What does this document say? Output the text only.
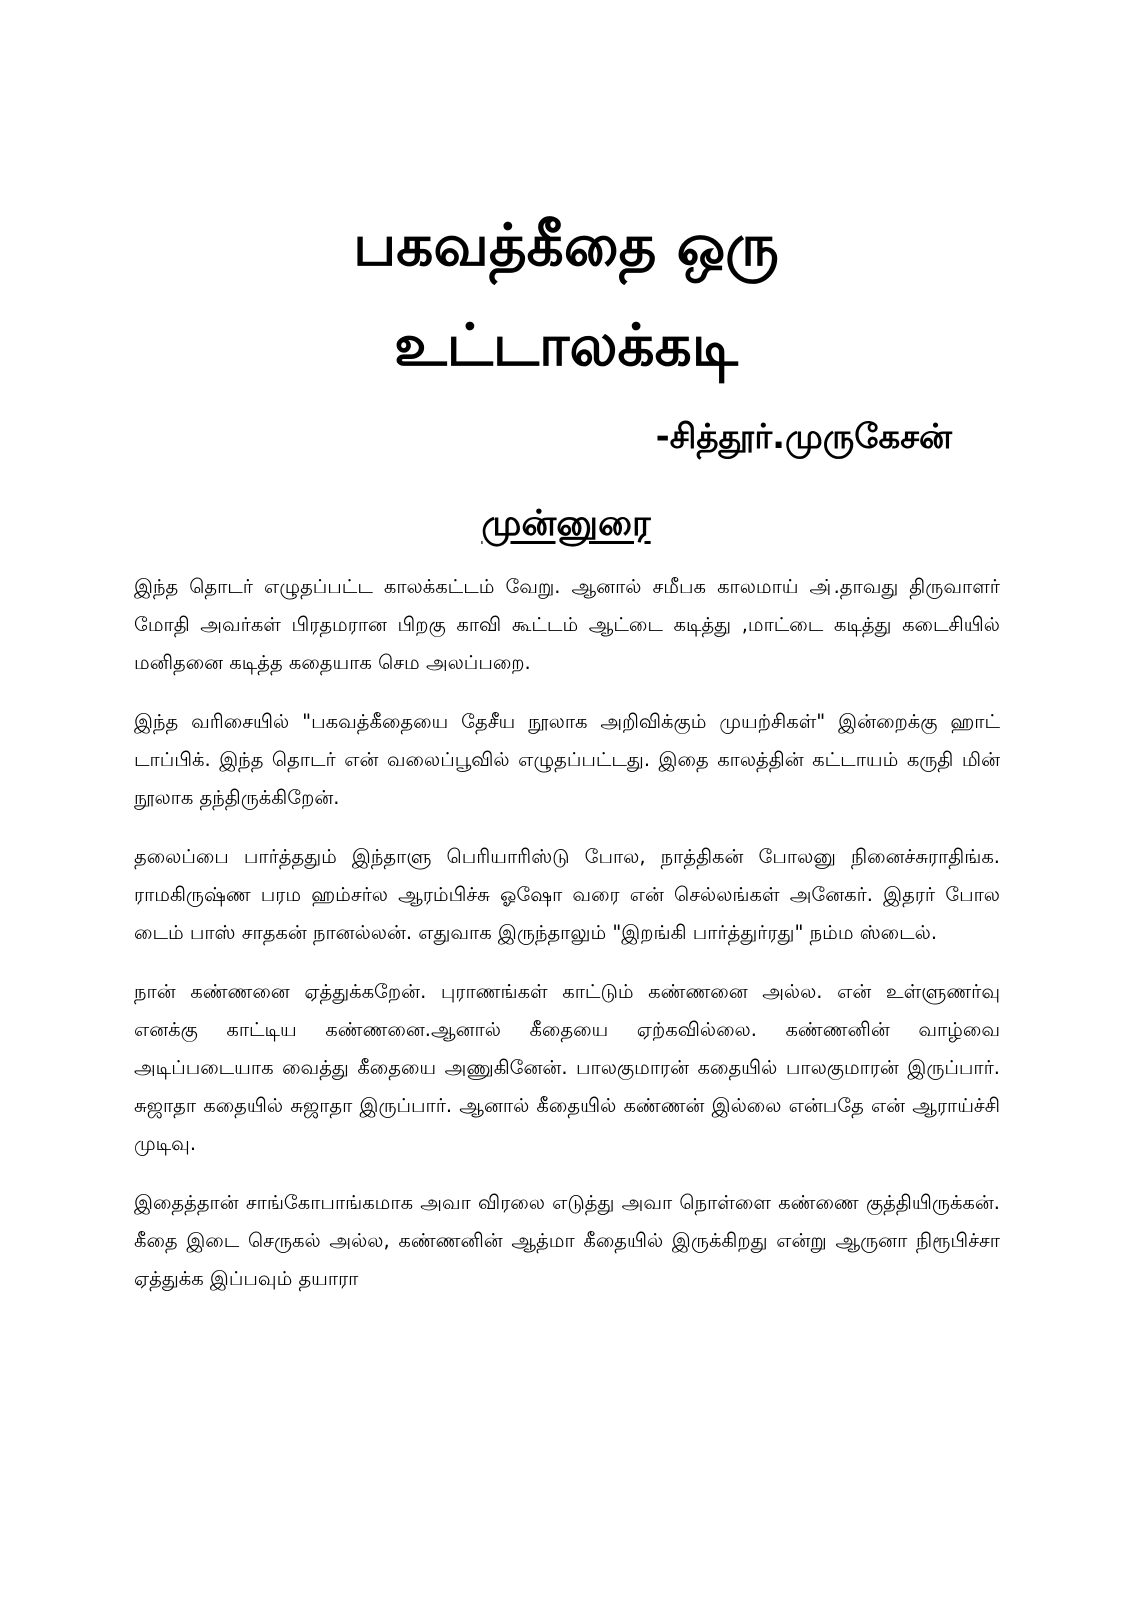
பகவத்கீதை ஒரு
உட்டாலக்கடி

-சித்தூர்.முருகேசன்

முன்னுரை

இந்த தொடர் எழுதப்பட்ட காலக்கட்டம் வேறு. ஆனால் சமீபக காலமாய் அ்.தாவது திருவாளர் மோதி அவர்கள் பிரதமரான பிறகு காவி கூட்டம் ஆட்டை கடித்து ,மாட்டை கடித்து கடைசியில் மனிதனை கடித்த கதையாக செம அலப்பறை.

இந்த வரிசையில் "பகவத்கீதையை தேசீய நூலாக அறிவிக்கும் முயற்சிகள்" இன்றைக்கு ஹாட் டாப்பிக். இந்த தொடர் என் வலைப்பூவில் எழுதப்பட்டது. இதை காலத்தின் கட்டாயம் கருதி மின் நூலாக தந்திருக்கிறேன்.

தலைப்பை பார்த்ததும் இந்தாளு பெரியாரிஸ்டு போல, நாத்திகன் போலனு நினைச்சுராதிங்க. ராமகிருஷ்ண பரம ஹம்சர்ல ஆரம்பிச்சு ஓஷோ வரை என் செல்லங்கள் அனேகர். இதரர் போல டைம் பாஸ் சாதகன் நானல்லன். எதுவாக இருந்தாலும் "இறங்கி பார்த்துர்ரது" நம்ம ஸ்டைல்.

நான் கண்ணனை ஏத்துக்கறேன். புராணங்கள் காட்டும் கண்ணனை அல்ல. என் உள்ளுணர்வு எனக்கு காட்டிய கண்ணனை.ஆனால் கீதையை ஏற்கவில்லை. கண்ணனின் வாழ்வை அடிப்படையாக வைத்து கீதையை அணுகினேன். பாலகுமாரன் கதையில் பாலகுமாரன் இருப்பார். சுஜாதா கதையில் சுஜாதா இருப்பார். ஆனால் கீதையில் கண்ணன் இல்லை என்பதே என் ஆராய்ச்சி முடிவு.

இதைத்தான் சாங்கோபாங்கமாக அவா விரலை எடுத்து அவா நொள்ளை கண்ணை குத்தியிருக்கன். கீதை இடை செருகல் அல்ல, கண்ணனின் ஆத்மா கீதையில் இருக்கிறது என்று ஆருனா நிரூபிச்சா ஏத்துக்க இப்பவும் தயாரா
